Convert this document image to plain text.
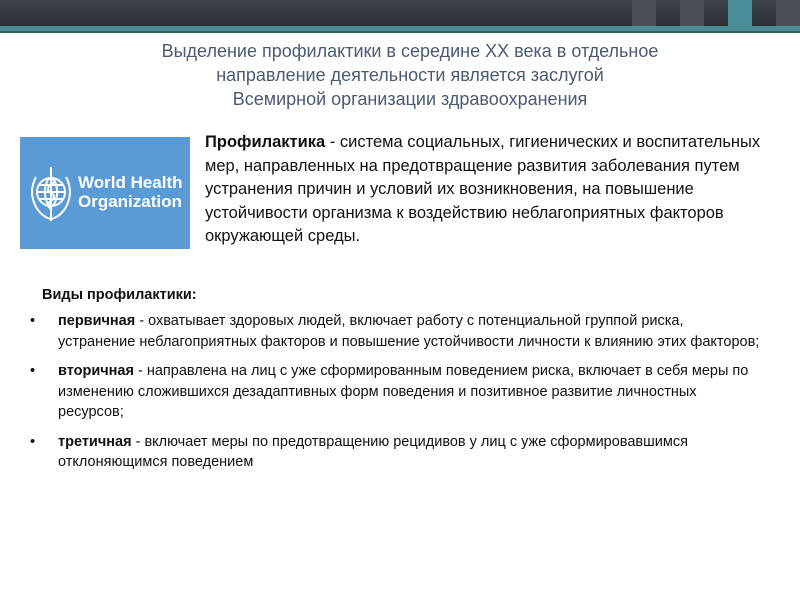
Выделение профилактики в середине XX века в отдельное
направление деятельности является заслугой
Всемирной организации здравоохранения
World Health
Organization
Профилактика - система социальных, гигиенических и воспитательных мер, направленных на предотвращение развития заболевания путем устранения причин и условий их возникновения, на повышение устойчивости организма к воздействию неблагоприятных факторов окружающей среды.
Виды профилактики:
• первичная - охватывает здоровых людей, включает работу с потенциальной группой риска, устранение неблагоприятных факторов и повышение устойчивости личности к влиянию этих факторов;
• вторичная - направлена на лиц с уже сформированным поведением риска, включает в себя меры по изменению сложившихся дезадаптивных форм поведения и позитивное развитие личностных ресурсов;
• третичная - включает меры по предотвращению рецидивов у лиц с уже сформировавшимся отклоняющимся поведением
